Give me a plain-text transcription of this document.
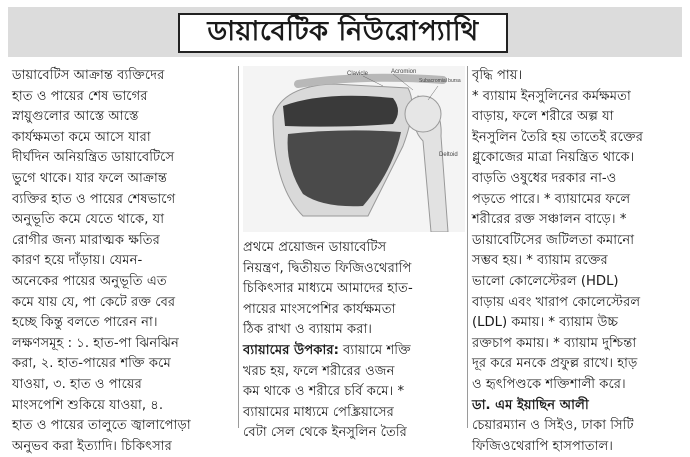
ডায়াবেটিক নিউরোপ্যাথি
ডায়াবেটিস আক্রান্ত ব্যক্তিদের
হাত ও পায়ের শেষ ভাগের
স্নায়ুগুলোর আস্তে আস্তে
কার্যক্ষমতা কমে আসে যারা
দীর্ঘদিন অনিয়ন্ত্রিত ডায়াবেটিসে
ভুগে থাকে। যার ফলে আক্রান্ত
ব্যক্তির হাত ও পায়ের শেষভাগে
অনুভূতি কমে যেতে থাকে, যা
রোগীর জন্য মারাত্মক ক্ষতির
কারণ হয়ে দাঁড়ায়। যেমন-
অনেকের পায়ের অনুভূতি এত
কমে যায় যে, পা কেটে রক্ত বের
হচ্ছে কিন্তু বলতে পারেন না।
লক্ষণসমূহ : ১. হাত-পা ঝিনঝিন
করা, ২. হাত-পায়ের শক্তি কমে
যাওয়া, ৩. হাত ও পায়ের
মাংসপেশি শুকিয়ে যাওয়া, ৪.
হাত ও পায়ের তালুতে জ্বালাপোড়া
অনুভব করা ইত্যাদি। চিকিৎসার
Clavicle	Acromion
Subacromial bursa
Deltoid
প্রথমে প্রয়োজন ডায়াবেটিস
নিয়ন্ত্রণ, দ্বিতীয়ত ফিজিওথেরাপি
চিকিৎসার মাধ্যমে আমাদের হাত-
পায়ের মাংসপেশির কার্যক্ষমতা
ঠিক রাখা ও ব্যায়াম করা।
ব্যায়ামের উপকার: ব্যায়ামে শক্তি
খরচ হয়, ফলে শরীরের ওজন
কম থাকে ও শরীরে চর্বি কমে। *
ব্যায়ামের মাধ্যমে পেঙ্ক্রিয়াসের
বেটা সেল থেকে ইনসুলিন তৈরি
বৃদ্ধি পায়।
* ব্যায়াম ইনসুলিনের কর্মক্ষমতা
বাড়ায়, ফলে শরীরে অল্প যা
ইনসুলিন তৈরি হয় তাতেই রক্তের
গ্লুকোজের মাত্রা নিয়ন্ত্রিত থাকে।
বাড়তি ওষুধের দরকার না-ও
পড়তে পারে। * ব্যায়ামের ফলে
শরীরের রক্ত সঞ্চালন বাড়ে। *
ডায়াবেটিসের জটিলতা কমানো
সম্ভব হয়। * ব্যায়াম রক্তের
ভালো কোলেস্টেরল (HDL)
বাড়ায় এবং খারাপ কোলেস্টেরল
(LDL) কমায়। * ব্যায়াম উচ্চ
রক্তচাপ কমায়। * ব্যায়াম দুশ্চিন্তা
দূর করে মনকে প্রফুল্ল রাখে। হাড়
ও হৃৎপিণ্ডকে শক্তিশালী করে।
ডা. এম ইয়াছিন আলী
চেয়ারম্যান ও সিইও, ঢাকা সিটি
ফিজিওথেরাপি হাসপাতাল।
